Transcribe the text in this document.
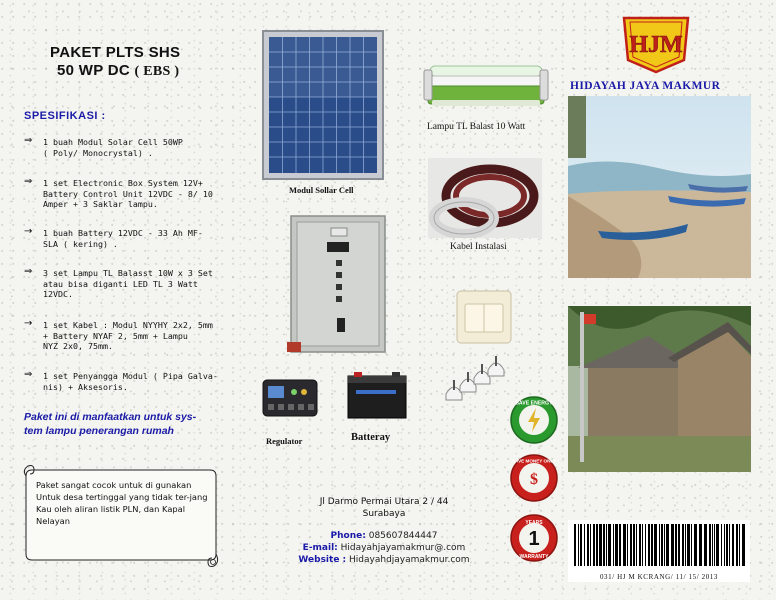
PAKET PLTS SHS
50 WP DC ( EBS )
SPESIFIKASI :
⇒ 1 buah Modul Solar Cell 50WP
( Poly/ Monocrystal) .
⇒ 1 set Electronic Box System 12V+
Battery Control Unit 12VDC - 8/ 10
Amper + 3 Saklar lampu.
→ 1 buah Battery 12VDC - 33 Ah MF-
SLA ( kering) .
⇒ 3 set Lampu TL Balasst 10W x 3 Set
atau bisa diganti LED TL 3 Watt
12VDC.
→ 1 set Kabel : Modul NYYHY 2x2, 5mm
+ Battery NYAF 2, 5mm + Lampu
NYZ 2x0, 75mm.
⇒ 1 set Penyangga Modul ( Pipa Galva-
nis) + Aksesoris.
Paket ini di manfaatkan untuk sys-
tem lampu penerangan rumah
Paket sangat cocok untuk di gunakan
Untuk desa tertinggal yang tidak ter-jang
Kau oleh aliran listik PLN, dan Kapal Nelayan
Modul Sollar Cell
Lampu TL Balast 10 Watt
Kabel Instalasi
Regulator	Batteray
Jl Darmo Permai Utara 2 / 44
Surabaya
Phone: 085607844447
E-mail: Hidayahjayamakmur@.com
Website : Hidayahdjayamakmur.com
HJM
HIDAYAH JAYA MAKMUR
SAVE ENERGY
$
SAVE MONEY ONLY
YEARS
1
WARRANTY
031/ HJ M KCRANG/ 11/ 15/ 2013
